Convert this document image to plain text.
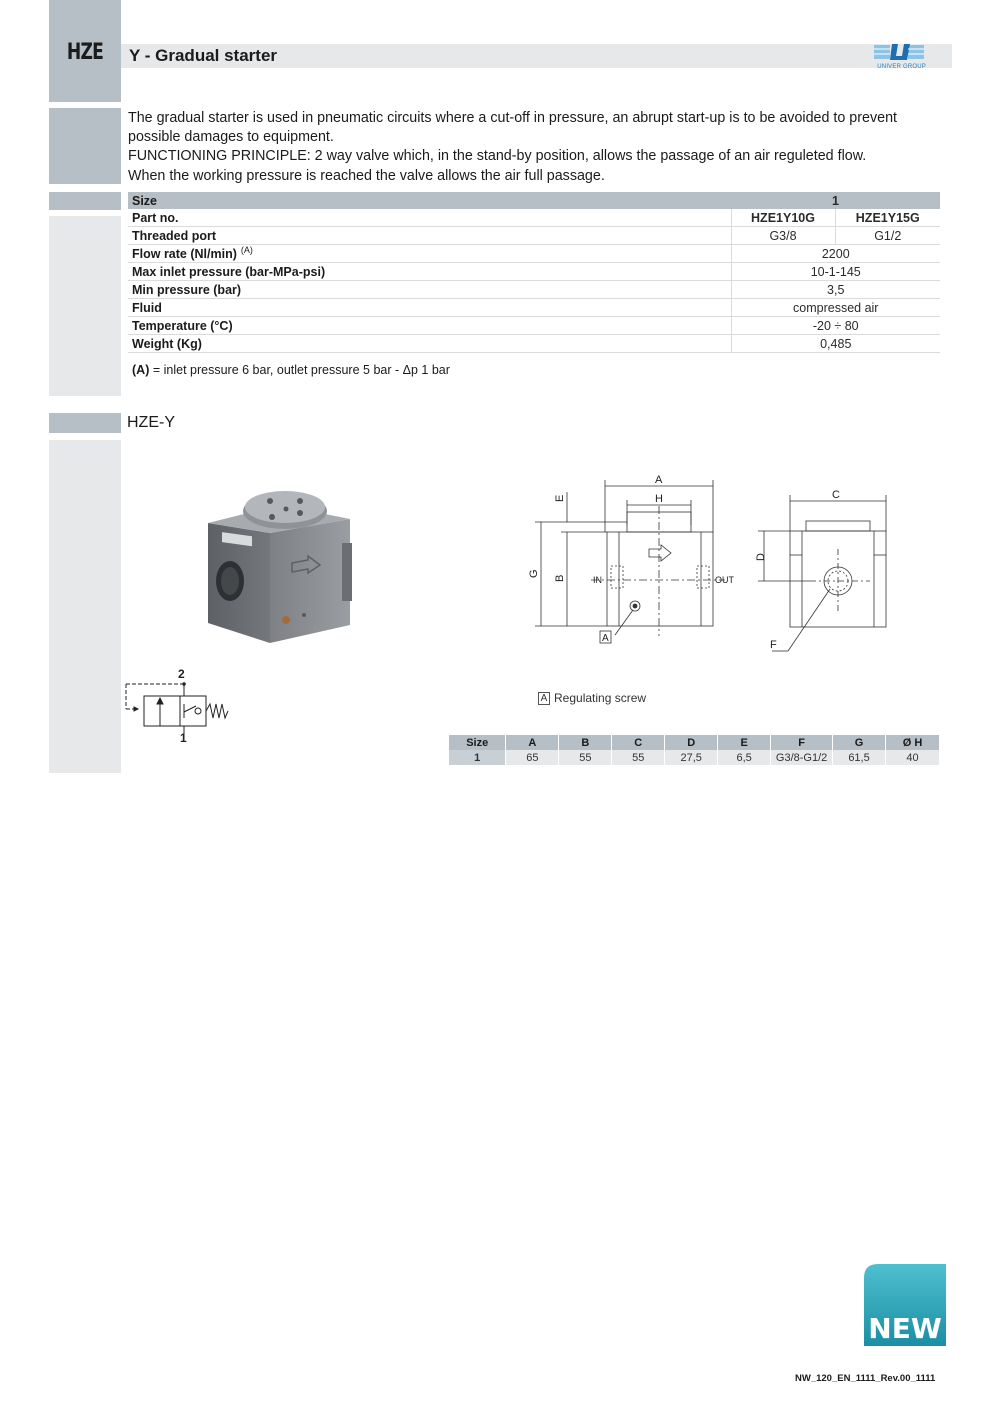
HZE	Y - Gradual starter
UNIVER GROUP
The gradual starter is used in pneumatic circuits where a cut-off in pressure, an abrupt start-up is to be avoided to prevent
possible damages to equipment.
FUNCTIONING PRINCIPLE: 2 way valve which, in the stand-by position, allows the passage of an air reguleted flow.
When the working pressure is reached the valve allows the air full passage.
Size	1	
Part no.	HZE1Y10G	HZE1Y15G
Threaded port	G3/8	G1/2
Flow rate (Nl/min) $^{(A)}$	2200	
Max inlet pressure (bar-MPa-psi)	10-1-145	
Min pressure (bar)	3,5	
Fluid	compressed air	
Temperature (°C)	-20 ÷ 80	
Weight (Kg)	0,485	
(A) = inlet pressure 6 bar, outlet pressure 5 bar - Δp 1 bar
HZE-Y
A
H
G
B
E
IN	OUT
A
C
D
F
2
1
A Regulating screw
Size	A	B	C	D	E	F	G	Ø H
1	65	55	55	27,5	6,5	G3/8-G1/2	61,5	40
NEW
NW_120_EN_1111_Rev.00_1111
